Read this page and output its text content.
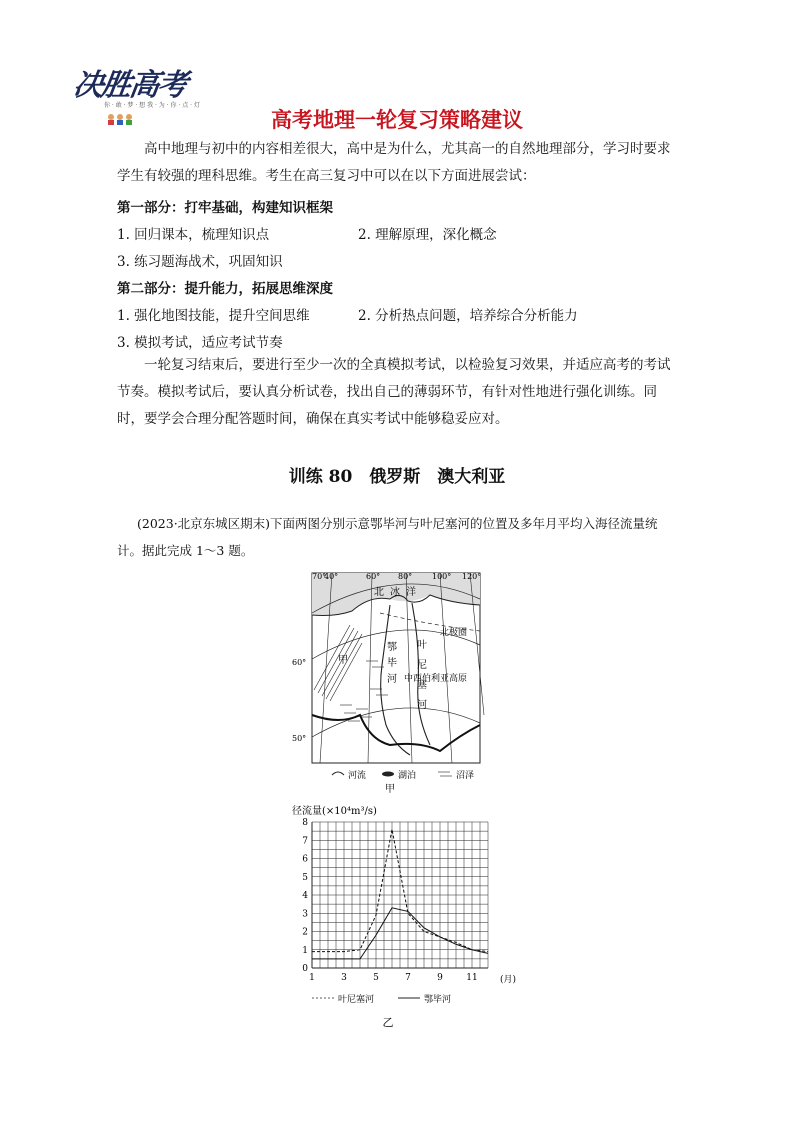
决胜高考
你 · 敢 · 梦 · 想 我 · 为 · 你 · 点 · 灯
高考地理一轮复习策略建议
高中地理与初中的内容相差很大，高中是为什么，尤其高一的自然地理部分，学习时要求学生有较强的理科思维。考生在高三复习中可以在以下方面进展尝试：
第一部分：打牢基础，构建知识框架
1. 回归课本，梳理知识点	2. 理解原理，深化概念
3. 练习题海战术，巩固知识
第二部分：提升能力，拓展思维深度
1. 强化地图技能，提升空间思维	2. 分析热点问题，培养综合分析能力
3. 模拟考试，适应考试节奏
一轮复习结束后，要进行至少一次的全真模拟考试，以检验复习效果，并适应高考的考试节奏。模拟考试后，要认真分析试卷，找出自己的薄弱环节，有针对性地进行强化训练。同时，要学会合理分配答题时间，确保在真实考试中能够稳妥应对。
训练 80　俄罗斯　澳大利亚
(2023·北京东城区期末)下面两图分别示意鄂毕河与叶尼塞河的位置及多年月平均入海径流量统计。据此完成 1～3 题。
70°
60°
50°
40°	60° 80° 100° 120°
北冰洋
北极圈
甲
中西伯利亚高原
鄂毕河 叶尼塞河
河流	湖泊	沼泽
甲
径流量(×10⁴m³/s)
0
1
2
3
4
5
6
7
8
1	3	5	7	9	11 (月)
叶尼塞河	鄂毕河
乙
